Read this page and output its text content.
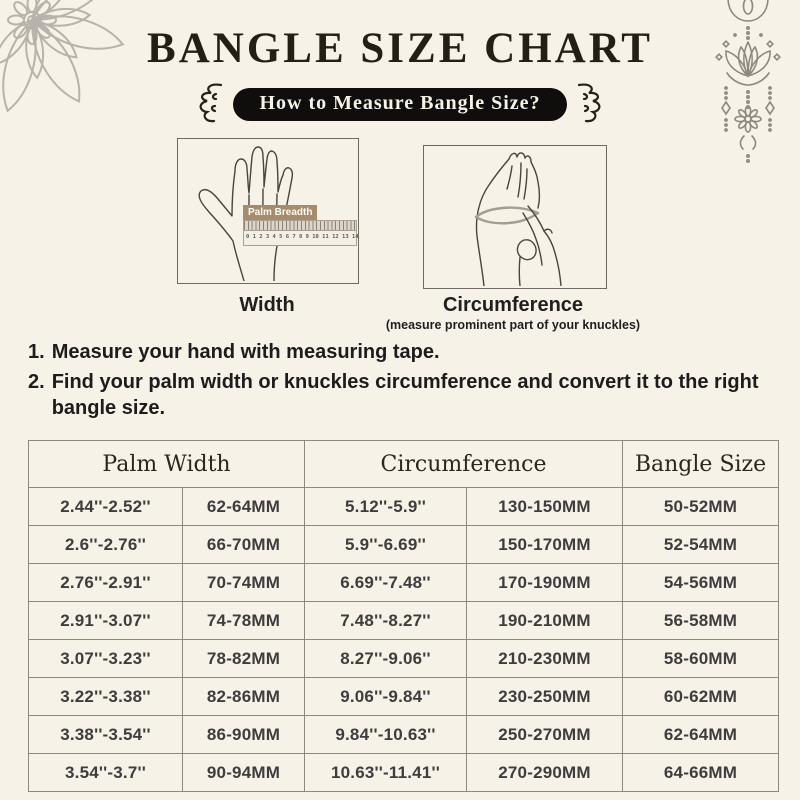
BANGLE SIZE CHART
How to Measure Bangle Size?
Palm Breadth
0 1 2 3 4 5 6 7 8 9 10 11 12 13 14
Width	Circumference
(measure prominent part of your knuckles)
1. Measure your hand with measuring tape.
2. Find your palm width or knuckles circumference and convert it to the right bangle size.
Palm Width		Circumference		Bangle Size
2.44''-2.52''	62-64MM	5.12''-5.9''	130-150MM	50-52MM
2.6''-2.76''	66-70MM	5.9''-6.69''	150-170MM	52-54MM
2.76''-2.91''	70-74MM	6.69''-7.48''	170-190MM	54-56MM
2.91''-3.07''	74-78MM	7.48''-8.27''	190-210MM	56-58MM
3.07''-3.23''	78-82MM	8.27''-9.06''	210-230MM	58-60MM
3.22''-3.38''	82-86MM	9.06''-9.84''	230-250MM	60-62MM
3.38''-3.54''	86-90MM	9.84''-10.63''	250-270MM	62-64MM
3.54''-3.7''	90-94MM	10.63''-11.41''	270-290MM	64-66MM
